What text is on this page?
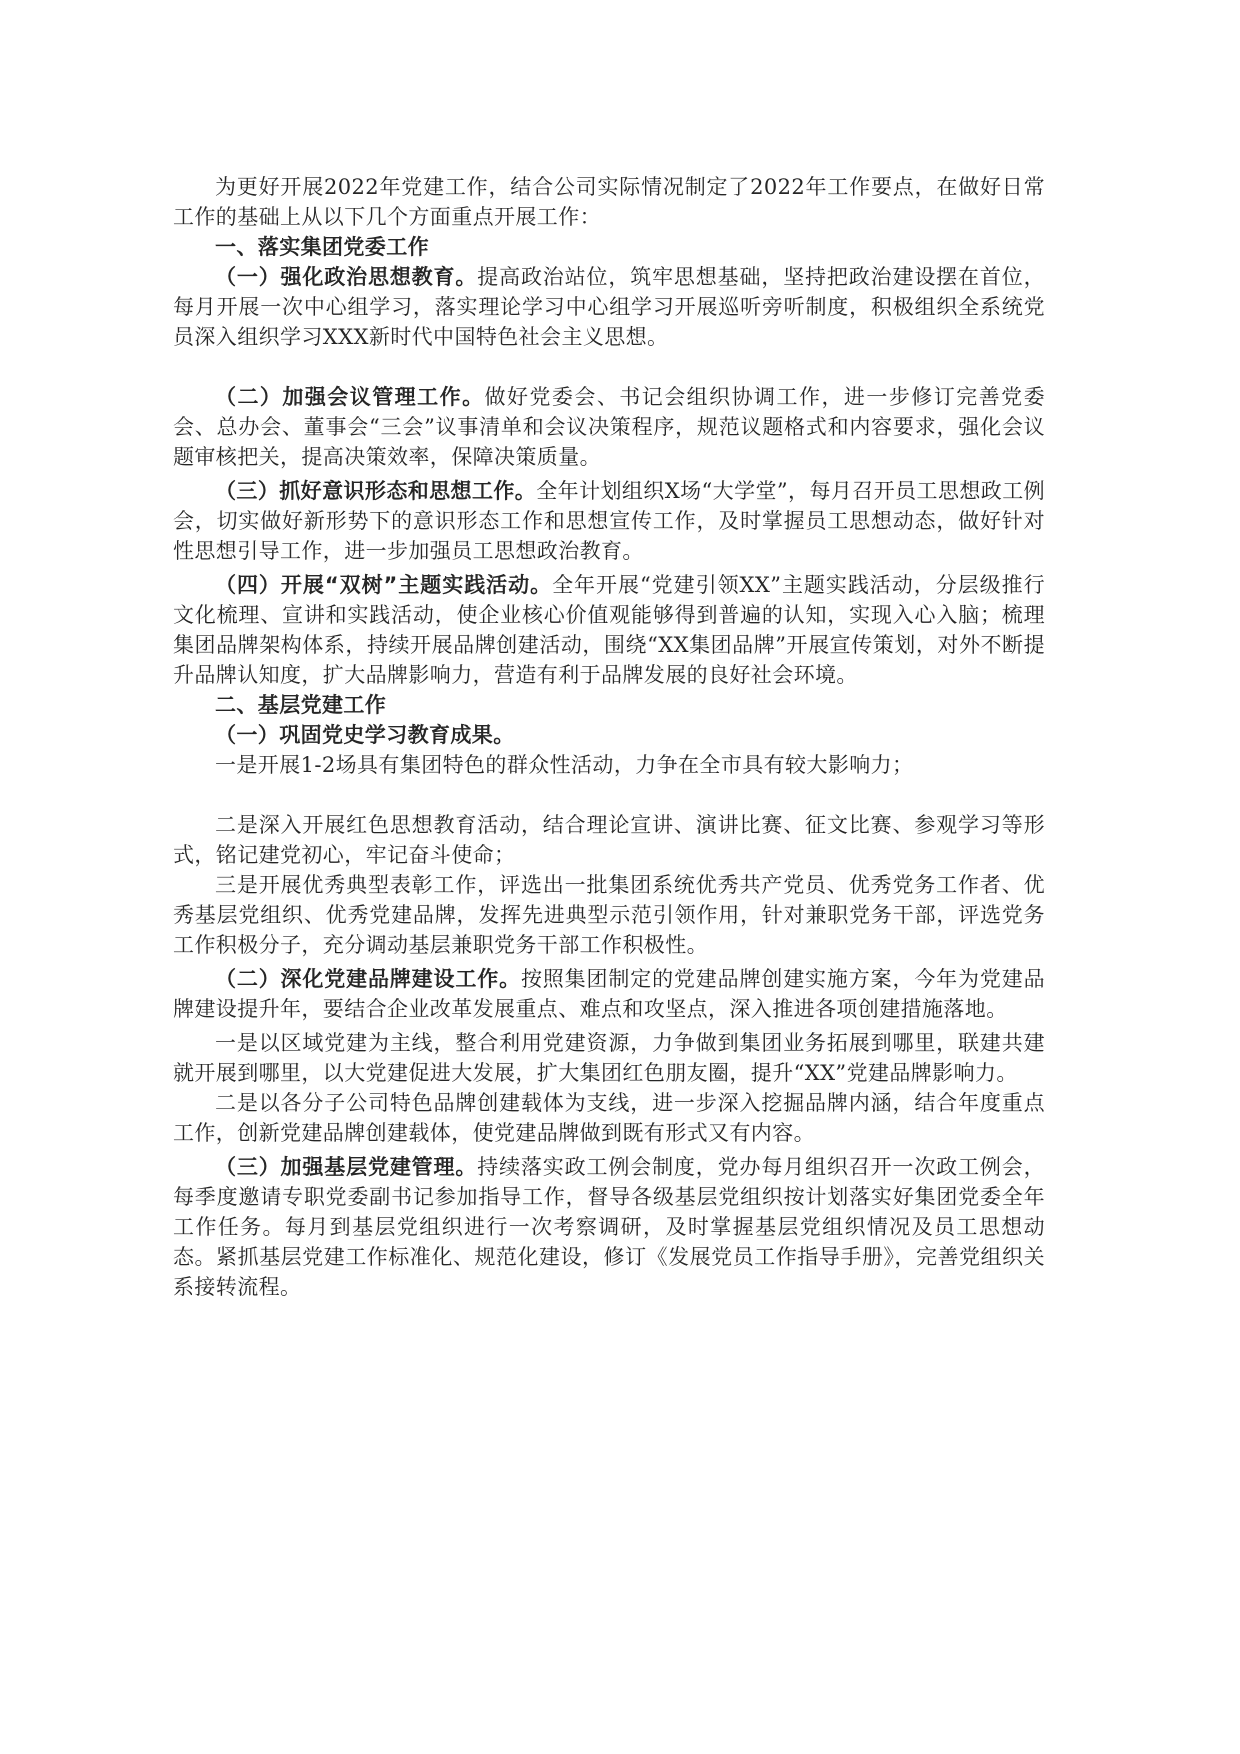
为更好开展2022年党建工作，结合公司实际情况制定了2022年工作要点，在做好日常工作的基础上从以下几个方面重点开展工作：

一、落实集团党委工作

（一）强化政治思想教育。提高政治站位，筑牢思想基础，坚持把政治建设摆在首位，每月开展一次中心组学习，落实理论学习中心组学习开展巡听旁听制度，积极组织全系统党员深入组织学习XXX新时代中国特色社会主义思想。

（二）加强会议管理工作。做好党委会、书记会组织协调工作，进一步修订完善党委会、总办会、董事会“三会”议事清单和会议决策程序，规范议题格式和内容要求，强化会议题审核把关，提高决策效率，保障决策质量。

（三）抓好意识形态和思想工作。全年计划组织X场“大学堂”，每月召开员工思想政工例会，切实做好新形势下的意识形态工作和思想宣传工作，及时掌握员工思想动态，做好针对性思想引导工作，进一步加强员工思想政治教育。

（四）开展“双树”主题实践活动。全年开展“党建引领XX”主题实践活动，分层级推行文化梳理、宣讲和实践活动，使企业核心价值观能够得到普遍的认知，实现入心入脑；梳理集团品牌架构体系，持续开展品牌创建活动，围绕“XX集团品牌”开展宣传策划，对外不断提升品牌认知度，扩大品牌影响力，营造有利于品牌发展的良好社会环境。

二、基层党建工作

（一）巩固党史学习教育成果。

一是开展1-2场具有集团特色的群众性活动，力争在全市具有较大影响力；

二是深入开展红色思想教育活动，结合理论宣讲、演讲比赛、征文比赛、参观学习等形式，铭记建党初心，牢记奋斗使命；

三是开展优秀典型表彰工作，评选出一批集团系统优秀共产党员、优秀党务工作者、优秀基层党组织、优秀党建品牌，发挥先进典型示范引领作用，针对兼职党务干部，评选党务工作积极分子，充分调动基层兼职党务干部工作积极性。

（二）深化党建品牌建设工作。按照集团制定的党建品牌创建实施方案，今年为党建品牌建设提升年，要结合企业改革发展重点、难点和攻坚点，深入推进各项创建措施落地。

一是以区域党建为主线，整合利用党建资源，力争做到集团业务拓展到哪里，联建共建就开展到哪里，以大党建促进大发展，扩大集团红色朋友圈，提升“XX”党建品牌影响力。

二是以各分子公司特色品牌创建载体为支线，进一步深入挖掘品牌内涵，结合年度重点工作，创新党建品牌创建载体，使党建品牌做到既有形式又有内容。

（三）加强基层党建管理。持续落实政工例会制度，党办每月组织召开一次政工例会，每季度邀请专职党委副书记参加指导工作，督导各级基层党组织按计划落实好集团党委全年工作任务。每月到基层党组织进行一次考察调研，及时掌握基层党组织情况及员工思想动态。紧抓基层党建工作标准化、规范化建设，修订《发展党员工作指导手册》，完善党组织关系接转流程。
